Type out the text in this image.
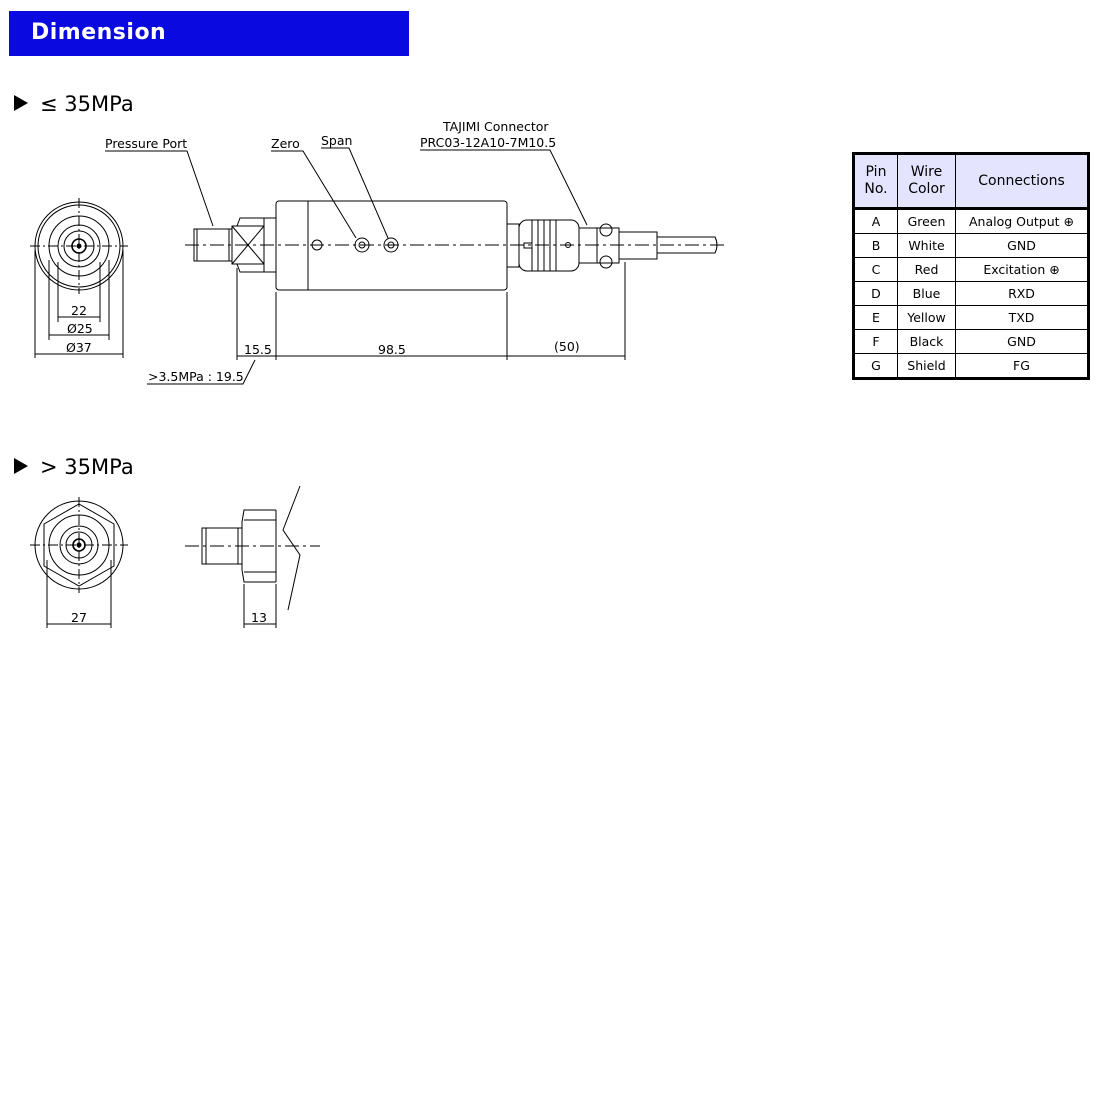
Dimension
≤ 35MPa
> 35MPa
Pressure Port	Zero Span
TAJIMI Connector
PRC03-12A10-7M10.5
22
Ø25
Ø37	15.5	98.5	(50)
>3.5MPa : 19.5
27	13
Pin No.	Wire Color	Connections
A	Green	Analog Output ⊕
B	White	GND
C	Red	Excitation ⊕
D	Blue	RXD
E	Yellow	TXD
F	Black	GND
G	Shield	FG
